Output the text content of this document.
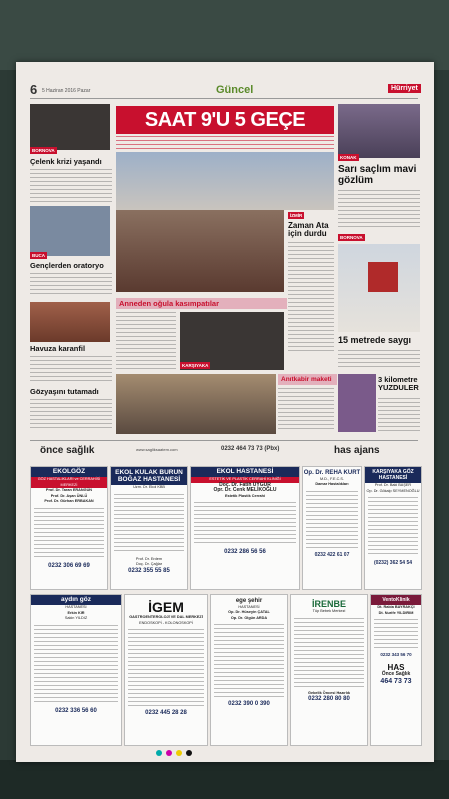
6 5 Haziran 2016 Pazar	Güncel	Hürriyet
BORNOVA
Çelenk krizi yaşandı
BUCA
Gençlerden oratoryo
Havuza karanfil
Gözyaşını tutamadı
SAAT 9'U 5 GEÇE
İZMİR
Zaman Ata için durdu
Anneden oğula kasımpatılar
KARŞIYAKA
Anıtkabir maketi
KONAK
Sarı saçlım mavi gözlüm
BORNOVA
15 metrede saygı
3 kilometre YUZDULER
önce sağlık	www.sagliksaatem.com	0232 464 73 73 (Pbx)	has ajans
EKOLGÖZ
GÖZ HASTALIKLARI ve CERRAHİSİ MERKEZİ
Prof. Dr. Taran ERANGÜN
Prof. Dr. Aşan ÜNLÜ
Prof. Dr. Gürhan ERBAKAN
0232 306 69 69
EKOL KULAK BURUN BOĞAZ HASTANESİ
Uzm. Dr. Ekol KBB
Prof. Dr. Erdem
Doç. Dr. Çağlar
0232 355 55 85
EKOL HASTANESİ
ESTETİK VE PLASTİK CERRAHİ KLİNİĞİ
Doç. Dr. Fatih UYGUR
Opr. Dr. Cenk MELİKOĞLU
Estetik Plastik Cerrahi
0232 286 56 56
Op. Dr. REHA KURT
M.D., F.E.C.S.
Damar Hastalıkları
0232 422 61 07
KARŞIYAKA GÖZ HASTANESİ
Prof. Dr. Baki BAŞER
Op. Dr. Gökalp SEYMENOĞLU
(0232) 362 54 54
aydın göz
HASTANESİ
Erkin KIR
Sakin YILDIZ
0232 336 56 60
İGEM
GASTROENTEROLOJİ VE DAL MERKEZİ
ENDOSKOPİ - KOLONOSKOPİ
0232 445 28 28
ege şehir
HASTANESİ
Op. Dr. Hüseyin ÇATAL
Op. Dr. Olgün ARDA
0232 390 0 390
İRENBE
Tüp Bebek Merkezi
Gebelik Öncesi Hazırlık
0232 280 80 80
VentoKlinik
Dt. Rabia BAYRAKÇI
Dt. Nurife YILDIRIM
0232 343 56 70
HAS
Önce Sağlık
464 73 73
